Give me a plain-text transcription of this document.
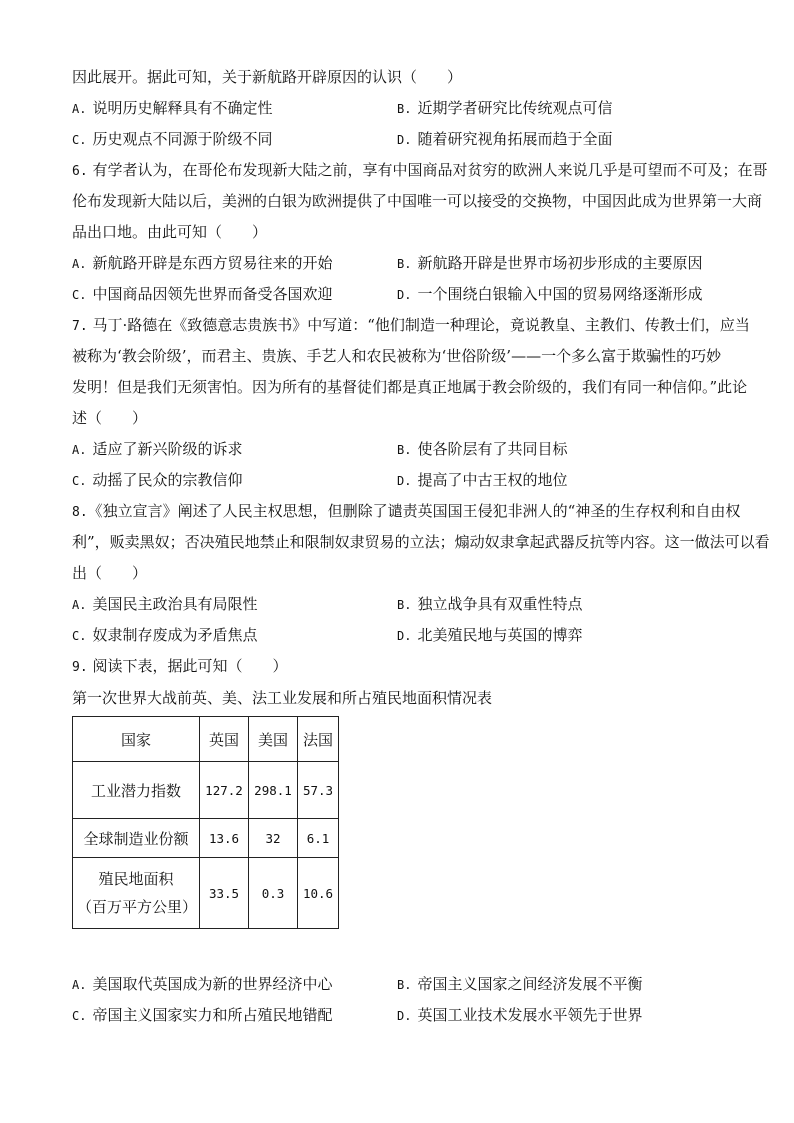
因此展开。据此可知，关于新航路开辟原因的认识（　　）
A. 说明历史解释具有不确定性	B. 近期学者研究比传统观点可信
C. 历史观点不同源于阶级不同	D. 随着研究视角拓展而趋于全面
6. 有学者认为，在哥伦布发现新大陆之前，享有中国商品对贫穷的欧洲人来说几乎是可望而不可及；在哥
伦布发现新大陆以后，美洲的白银为欧洲提供了中国唯一可以接受的交换物，中国因此成为世界第一大商
品出口地。由此可知（　　）
A. 新航路开辟是东西方贸易往来的开始	B. 新航路开辟是世界市场初步形成的主要原因
C. 中国商品因领先世界而备受各国欢迎	D. 一个围绕白银输入中国的贸易网络逐渐形成
7. 马丁·路德在《致德意志贵族书》中写道：“他们制造一种理论，竟说教皇、主教们、传教士们，应当
被称为‘教会阶级’，而君主、贵族、手艺人和农民被称为‘世俗阶级’——一个多么富于欺骗性的巧妙
发明！但是我们无须害怕。因为所有的基督徒们都是真正地属于教会阶级的，我们有同一种信仰。”此论
述（　　）
A. 适应了新兴阶级的诉求	B. 使各阶层有了共同目标
C. 动摇了民众的宗教信仰	D. 提高了中古王权的地位
8.《独立宣言》阐述了人民主权思想，但删除了谴责英国国王侵犯非洲人的“神圣的生存权利和自由权
利”，贩卖黑奴；否决殖民地禁止和限制奴隶贸易的立法；煽动奴隶拿起武器反抗等内容。这一做法可以看
出（　　）
A. 美国民主政治具有局限性	B. 独立战争具有双重性特点
C. 奴隶制存废成为矛盾焦点	D. 北美殖民地与英国的博弈
9. 阅读下表，据此可知（　　）
第一次世界大战前英、美、法工业发展和所占殖民地面积情况表
国家	英国	美国	法国
工业潜力指数	127.2	298.1	57.3
全球制造业份额	13.6	32	6.1

殖民地面积
（百万平方公里）	33.5	0.3	10.6
A. 美国取代英国成为新的世界经济中心	B. 帝国主义国家之间经济发展不平衡
C. 帝国主义国家实力和所占殖民地错配	D. 英国工业技术发展水平领先于世界
